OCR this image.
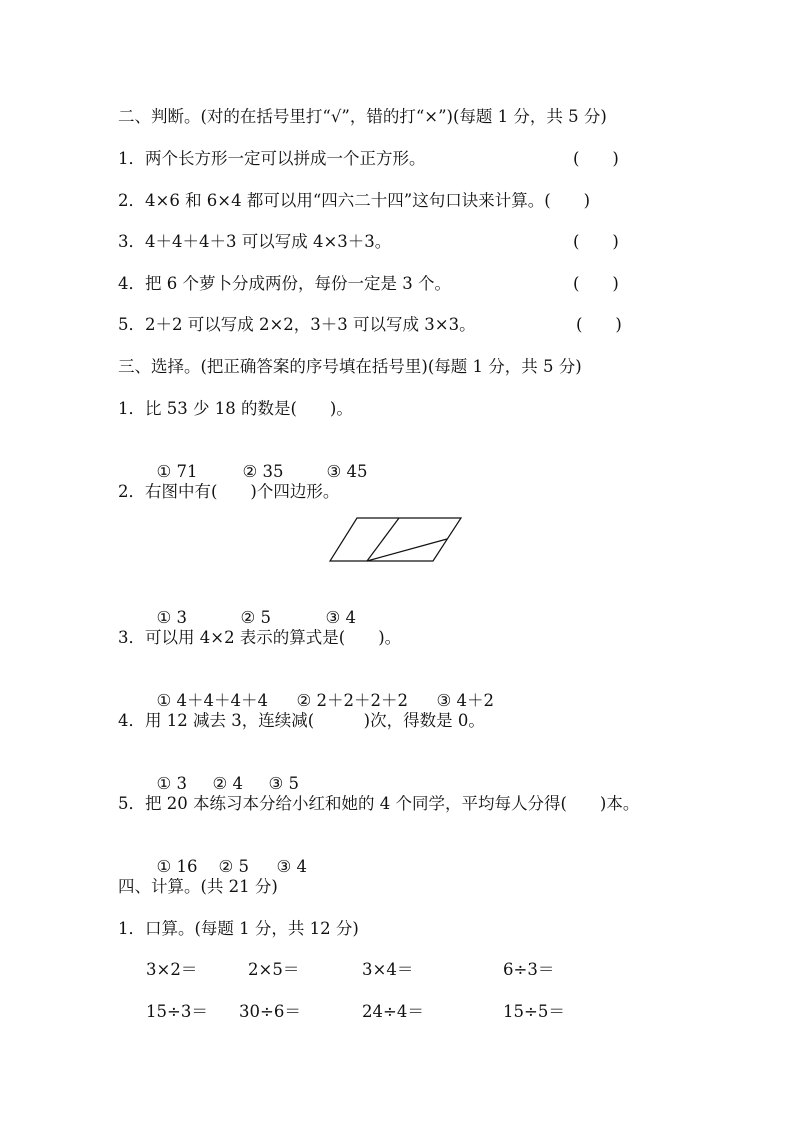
二、判断。(对的在括号里打“√”，错的打“×”)(每题 1 分，共 5 分)
1．两个长方形一定可以拼成一个正方形。	(　　)
2．4×6 和 6×4 都可以用“四六二十四”这句口诀来计算。(　　)
3．4＋4＋4＋3 可以写成 4×3＋3。	(　　)
4．把 6 个萝卜分成两份，每份一定是 3 个。	(　　)
5．2＋2 可以写成 2×2，3＋3 可以写成 3×3。	(　　)
三、选择。(把正确答案的序号填在括号里)(每题 1 分，共 5 分)
1．比 53 少 18 的数是(　　)。

① 71	② 35	③ 45

2．右图中有(　　)个四边形。

① 3	② 5	③ 4

3．可以用 4×2 表示的算式是(　　)。

① 4＋4＋4＋4 ② 2＋2＋2＋2 ③ 4＋2

4．用 12 减去 3，连续减(　　　)次，得数是 0。

① 3 ② 4 ③ 5

5．把 20 本练习本分给小红和她的 4 个同学，平均每人分得(　　)本。

① 16 ② 5 ③ 4

四、计算。(共 21 分)
1．口算。(每题 1 分，共 12 分)
3×2＝	2×5＝	3×4＝	6÷3＝
15÷3＝ 30÷6＝	24÷4＝	15÷5＝
